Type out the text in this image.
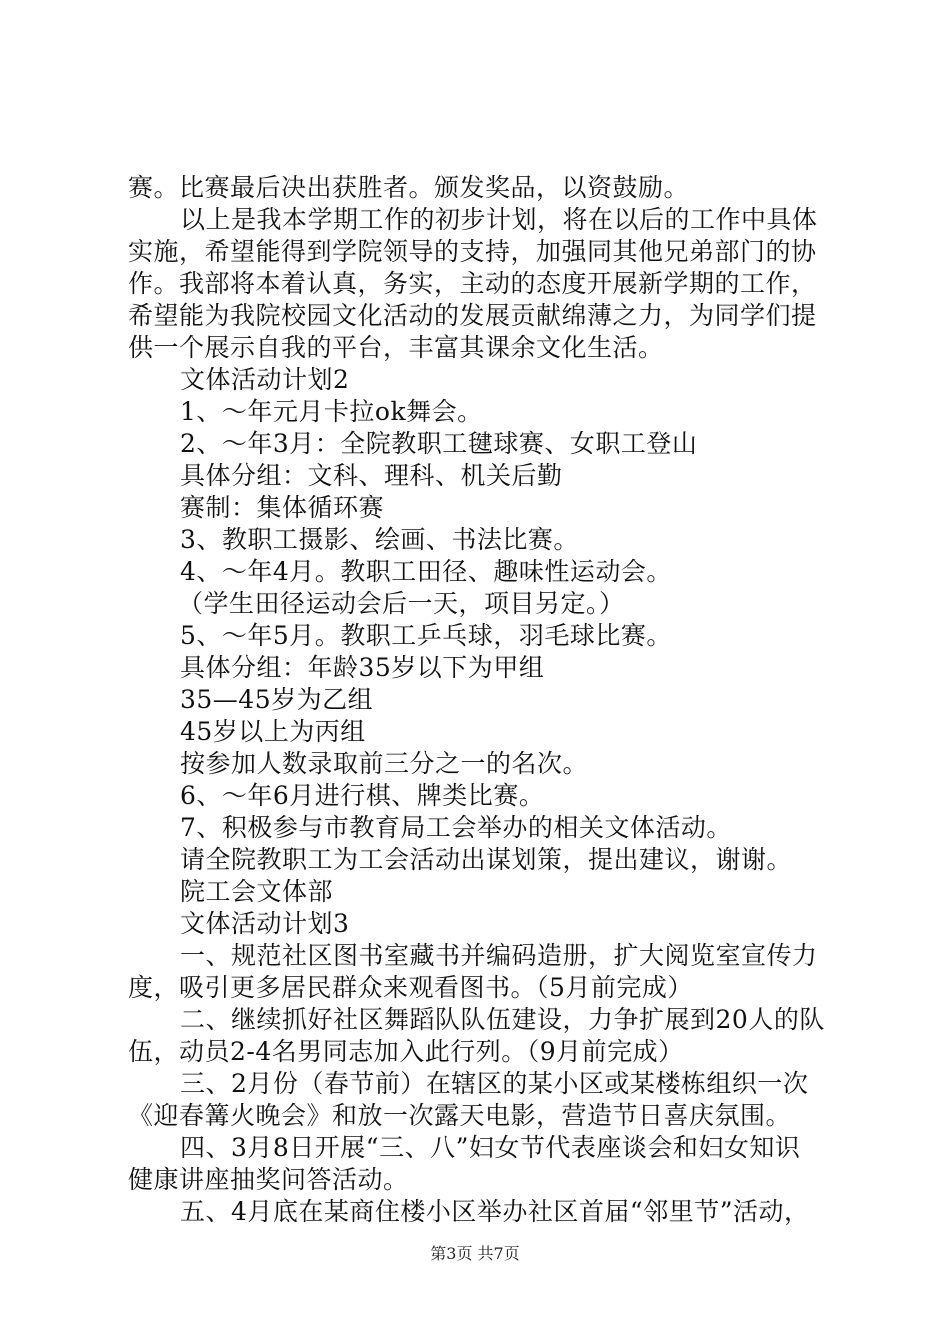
赛。比赛最后决出获胜者。颁发奖品，以资鼓励。
以上是我本学期工作的初步计划，将在以后的工作中具体
实施，希望能得到学院领导的支持，加强同其他兄弟部门的协
作。我部将本着认真，务实，主动的态度开展新学期的工作，
希望能为我院校园文化活动的发展贡献绵薄之力，为同学们提
供一个展示自我的平台，丰富其课余文化生活。
文体活动计划2
1、～年元月卡拉ok舞会。
2、～年3月：全院教职工毽球赛、女职工登山
具体分组：文科、理科、机关后勤
赛制：集体循环赛
3、教职工摄影、绘画、书法比赛。
4、～年4月。教职工田径、趣味性运动会。
（学生田径运动会后一天，项目另定。）
5、～年5月。教职工乒乓球，羽毛球比赛。
具体分组：年龄35岁以下为甲组
35—45岁为乙组
45岁以上为丙组
按参加人数录取前三分之一的名次。
6、～年6月进行棋、牌类比赛。
7、积极参与市教育局工会举办的相关文体活动。
请全院教职工为工会活动出谋划策，提出建议，谢谢。
院工会文体部
文体活动计划3
一、规范社区图书室藏书并编码造册，扩大阅览室宣传力
度，吸引更多居民群众来观看图书。（5月前完成）
二、继续抓好社区舞蹈队队伍建设，力争扩展到20人的队
伍，动员2-4名男同志加入此行列。（9月前完成）
三、2月份（春节前）在辖区的某小区或某楼栋组织一次
《迎春篝火晚会》和放一次露天电影，营造节日喜庆氛围。
四、3月8日开展“三、八”妇女节代表座谈会和妇女知识
健康讲座抽奖问答活动。
五、4月底在某商住楼小区举办社区首届“邻里节”活动，
第3页 共7页
